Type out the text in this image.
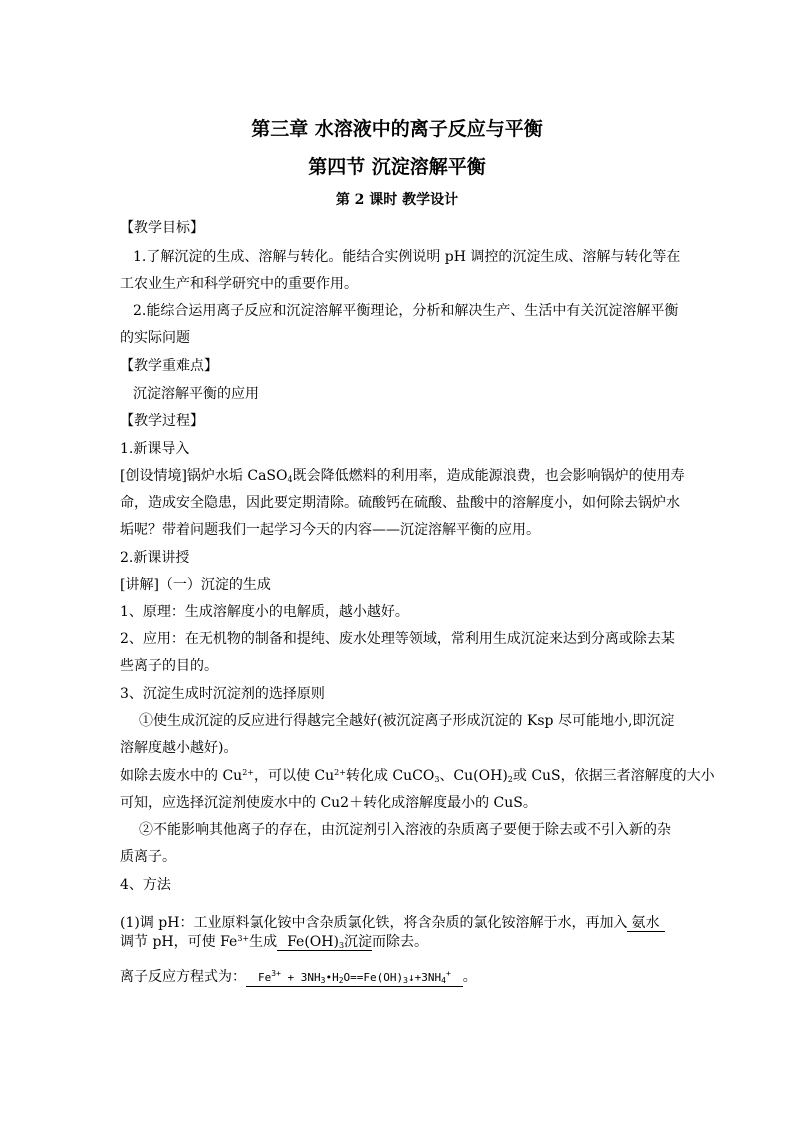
第三章 水溶液中的离子反应与平衡
第四节 沉淀溶解平衡
第 2 课时 教学设计
【教学目标】
1.了解沉淀的生成、溶解与转化。能结合实例说明 pH 调控的沉淀生成、溶解与转化等在
工农业生产和科学研究中的重要作用。
2.能综合运用离子反应和沉淀溶解平衡理论，分析和解决生产、生活中有关沉淀溶解平衡
的实际问题
【教学重难点】
沉淀溶解平衡的应用
【教学过程】
1.新课导入
[创设情境]锅炉水垢 CaSO$_4$既会降低燃料的利用率，造成能源浪费，也会影响锅炉的使用寿
命，造成安全隐患，因此要定期清除。硫酸钙在硫酸、盐酸中的溶解度小，如何除去锅炉水
垢呢？带着问题我们一起学习今天的内容——沉淀溶解平衡的应用。
2.新课讲授
[讲解]（一）沉淀的生成
1、原理：生成溶解度小的电解质，越小越好。
2、应用：在无机物的制备和提纯、废水处理等领域，常利用生成沉淀来达到分离或除去某
些离子的目的。
3、沉淀生成时沉淀剂的选择原则
①使生成沉淀的反应进行得越完全越好(被沉淀离子形成沉淀的 Ksp 尽可能地小,即沉淀
溶解度越小越好)。
如除去废水中的 $Cu^{2+}$，可以使 $Cu^{2+}$转化成 CuCO$_3$、$Cu(OH)_2$或 CuS，依据三者溶解度的大小
可知，应选择沉淀剂使废水中的 Cu2＋转化成溶解度最小的 CuS。
②不能影响其他离子的存在，由沉淀剂引入溶液的杂质离子要便于除去或不引入新的杂
质离子。
4、方法
(1)调 pH：工业原料氯化铵中含杂质氯化铁，将含杂质的氯化铵溶解于水，再加入 氨水
调节 pH，可使 $Fe^{3+}$生成 $Fe(OH)_3$沉淀而除去。
离子反应方程式为： $Fe^{3+}$ + $3NH_3•H_2O==Fe(OH)_3↓+3NH_4^+$ 。
